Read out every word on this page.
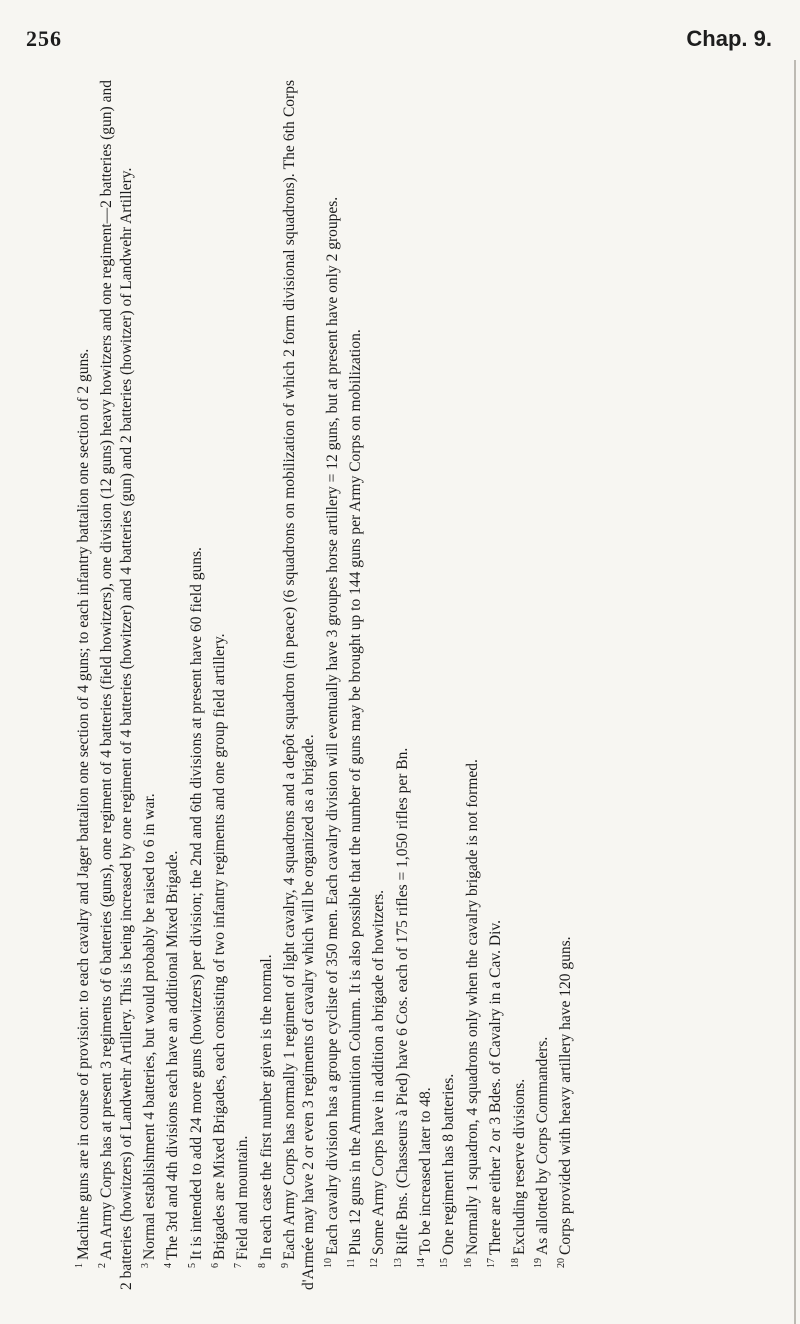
256	Chap. 9.

$^1$Machine guns are in course of provision: to each cavalry and Jager battalion one section of 4 guns; to each infantry battalion one section of 2 guns.

$^2$An Army Corps has at present 3 regiments of 6 batteries (guns), one regiment of 4 batteries (field howitzers), one division (12 guns) heavy howitzers and one regiment—2 batteries (gun) and 2 batteries (howitzers) of Landwehr Artillery. This is being increased by one regiment of 4 batteries (howitzer) and 4 batteries (gun) and 2 batteries (howitzer) of Landwehr Artillery. $^3$Normal establishment 4 batteries, but would probably be raised to 6 in war.

$^4$The 3rd and 4th divisions each have an additional Mixed Brigade.

$^5$It is intended to add 24 more guns (howitzers) per division; the 2nd and 6th divisions at present have 60 field guns.

$^6$Brigades are Mixed Brigades, each consisting of two infantry regiments and one group field artillery.

$^7$Field and mountain.

$^8$In each case the first number given is the normal.

$^9$Each Army Corps has normally 1 regiment of light cavalry, 4 squadrons and a depôt squadron (in peace) (6 squadrons on mobilization of which 2 form divisional squadrons). The 6th Corps d'Armée may have 2 or even 3 regiments of cavalry which will be organized as a brigade. $^{10}$Each cavalry division has a groupe cycliste of 350 men. Each cavalry division will eventually have 3 groupes horse artillery = 12 guns, but at present have only 2 groupes.

$^{11}$Plus 12 guns in the Ammunition Column. It is also possible that the number of guns may be brought up to 144 guns per Army Corps on mobilization.

$^{12}$Some Army Corps have in addition a brigade of howitzers.

$^{13}$Rifle Bns. (Chasseurs à Pied) have 6 Cos. each of 175 rifles = 1,050 rifles per Bn.

$^{14}$To be increased later to 48.

$^{15}$One regiment has 8 batteries.

$^{16}$Normally 1 squadron, 4 squadrons only when the cavalry brigade is not formed.

$^{17}$There are either 2 or 3 Bdes. of Cavalry in a Cav. Div.

$^{18}$Excluding reserve divisions.

$^{19}$As allotted by Corps Commanders.

$^{20}$Corps provided with heavy artillery have 120 guns.
